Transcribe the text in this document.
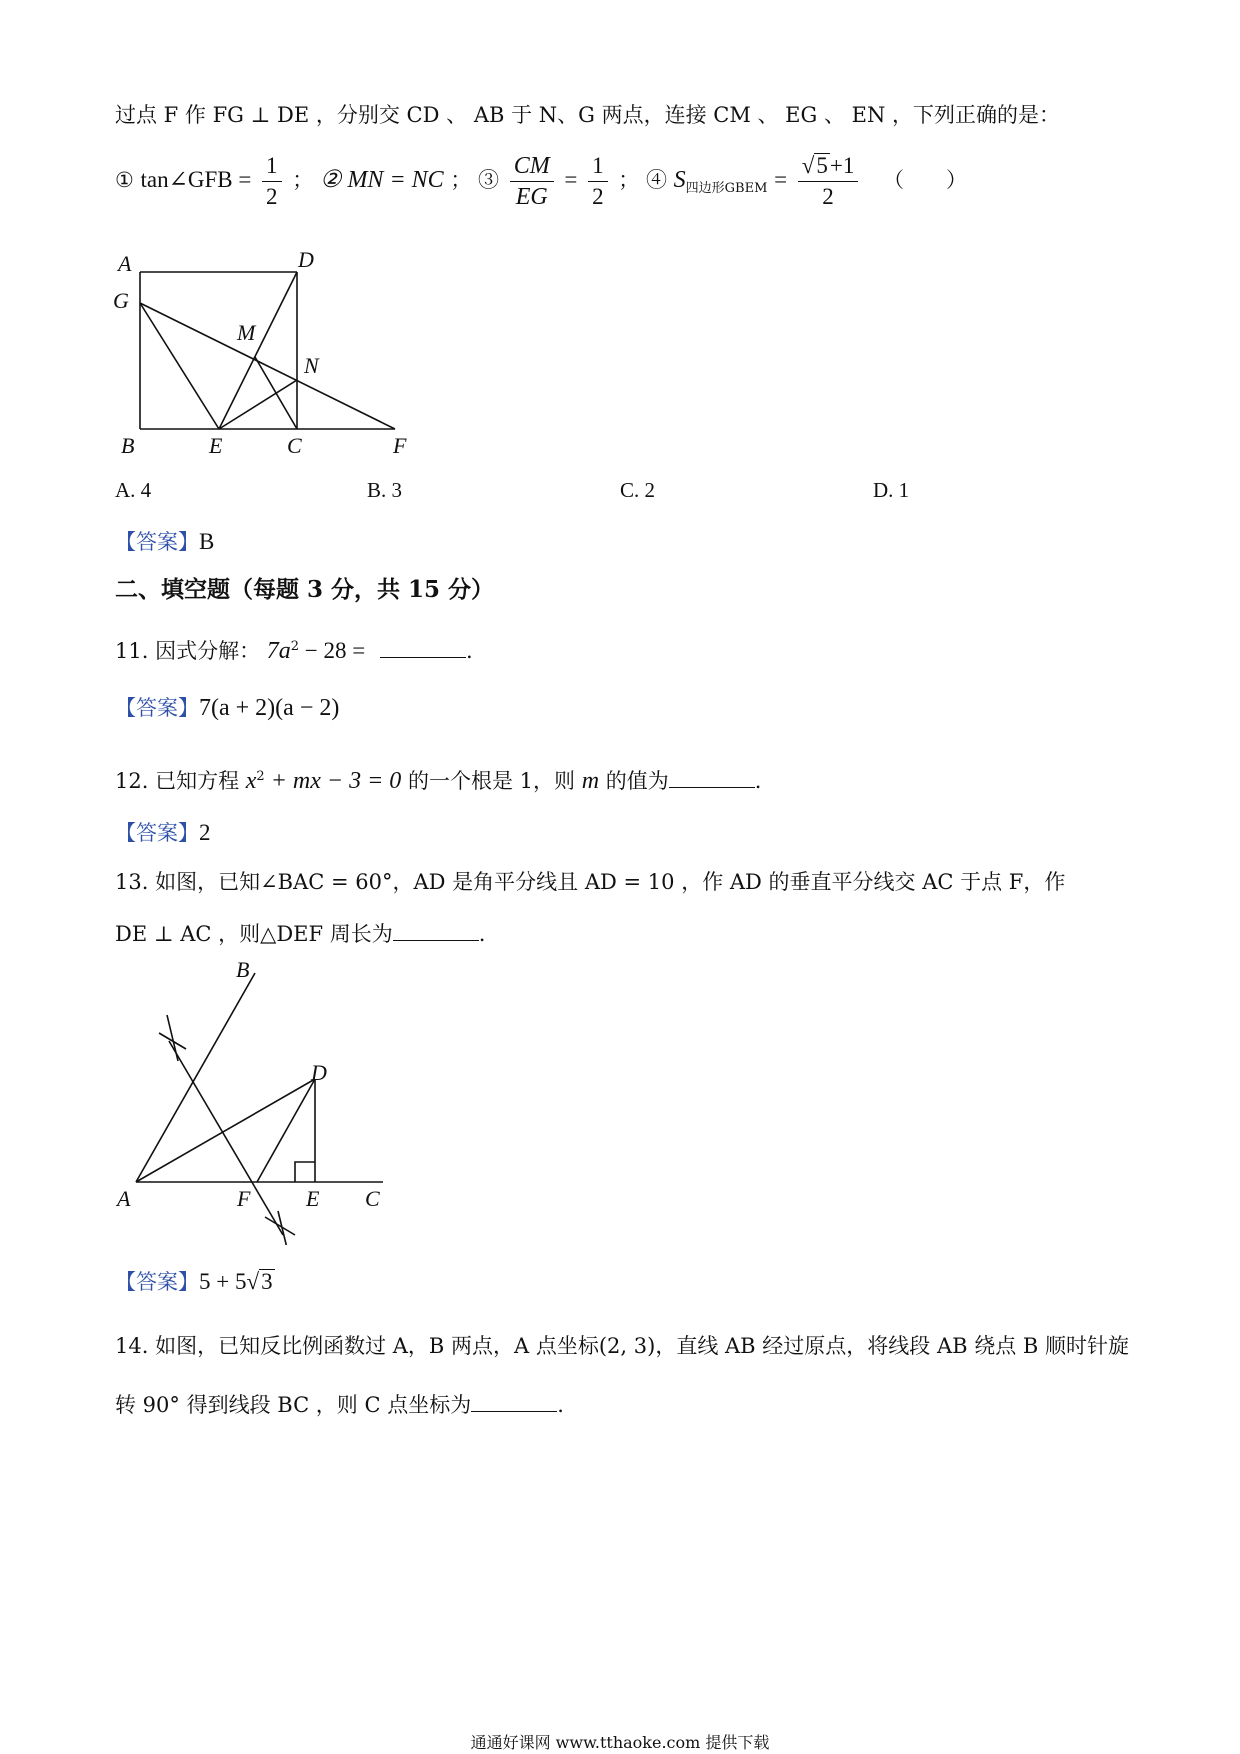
过点 F 作 FG ⊥ DE ，分别交 CD 、 AB 于 N、G 两点，连接 CM 、 EG 、 EN ，下列正确的是：
① tan∠GFB = $\frac{1}{2}$ ； ② MN = NC ； ③ $\frac{CM}{EG} = \frac{1}{2}$ ； ④ $S_{四边形GBEM} = \frac{√5+1}{2}$ （　　）
A	D
G
M
N
B	E	C	F
A. 4	B. 3	C. 2	D. 1
【答案】B
二、填空题（每题 3 分，共 15 分）
11. 因式分解： $7a^2 - 28$ =	.
【答案】7(a + 2)(a − 2)
12. 已知方程 $x^2$ + mx − 3 = 0 的一个根是 1，则 m 的值为	.
【答案】2
13. 如图，已知∠BAC = 60°，AD 是角平分线且 AD = 10 ，作 AD 的垂直平分线交 AC 于点 F，作
DE ⊥ AC ，则△DEF 周长为	.
B
D
A	F	E C
【答案】5 + 5√3
14. 如图，已知反比例函数过 A，B 两点，A 点坐标(2, 3)，直线 AB 经过原点，将线段 AB 绕点 B 顺时针旋
转 90° 得到线段 BC ，则 C 点坐标为	.
通通好课网 www.tthaoke.com 提供下载
